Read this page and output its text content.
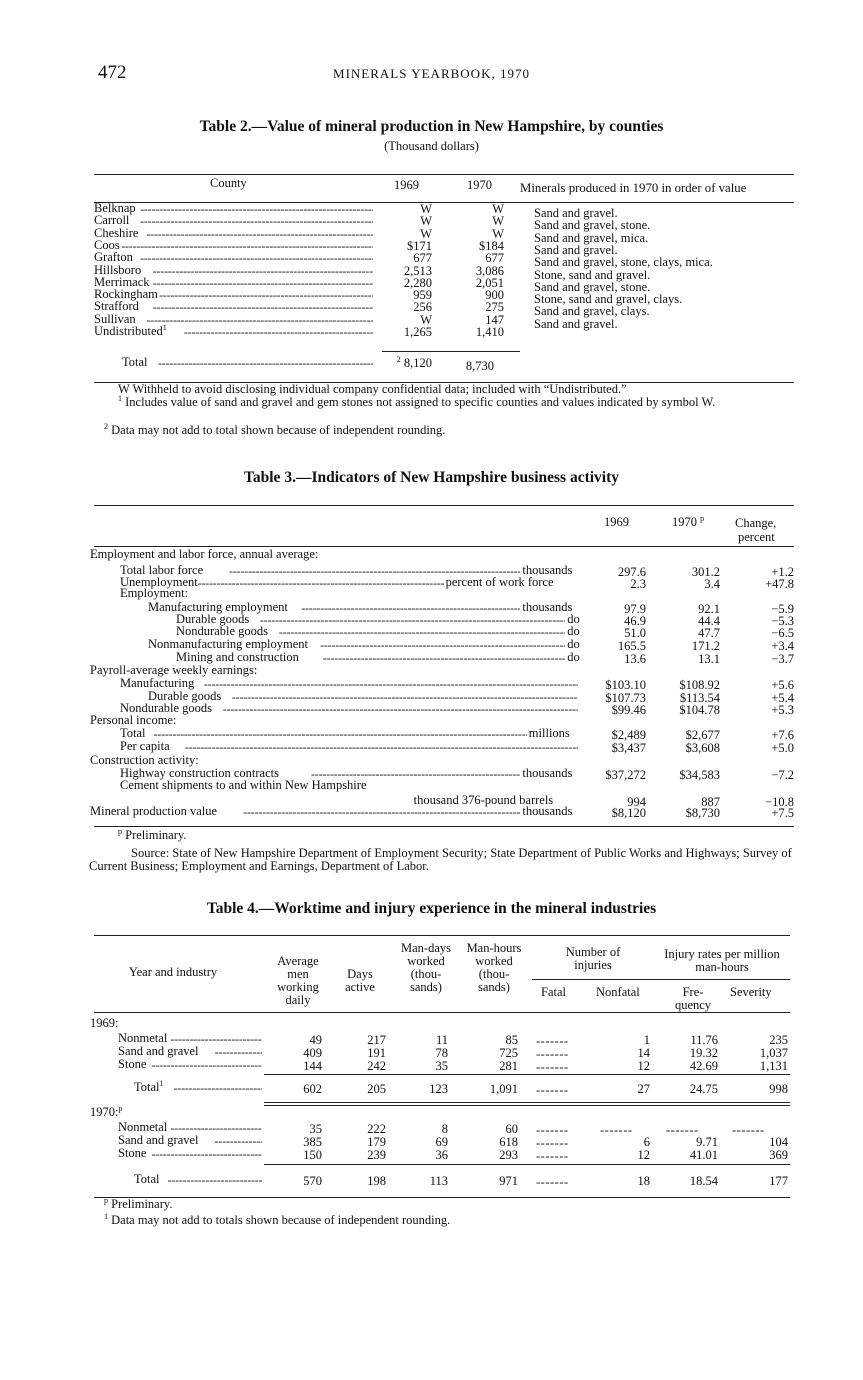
472	MINERALS YEARBOOK, 1970
Table 2.—Value of mineral production in New Hampshire, by counties
(Thousand dollars)
County	1969	1970 Minerals produced in 1970 in order of value
Belknap - - -	W	W Sand and gravel.
Carroll - - -	W	W Sand and gravel, stone.
Cheshire - - -	W	W Sand and gravel, mica.
Coos - - -	$171	$184 Sand and gravel.
Grafton - - -	677	677 Sand and gravel, stone, clays, mica.
Hillsboro - - -	2,513	3,086 Stone, sand and gravel.
Merrimack - - -	2,280	2,051 Sand and gravel, stone.
Rockingham - - -	959	900 Stone, sand and gravel, clays.
Strafford - - -	256	275 Sand and gravel, clays.
Sullivan - - -	W	147 Sand and gravel.
Undistributed$^1$ - - -	1,265	1,410
Total - - -	$^2$ 8,120	8,730
W Withheld to avoid disclosing individual company confidential data; included with “Undistributed.”
$^1$ Includes value of sand and gravel and gem stones not assigned to specific counties and values indicated by symbol W.
$^2$ Data may not add to total shown because of independent rounding.
Table 3.—Indicators of New Hampshire business activity
1969	1970 $^p$ Change,
percent
Employment and labor force, annual average:
Total labor force	thousands - - -	297.6	301.2	+1.2
Unemployment	percent of work force - - -	2.3	3.4	+47.8
Employment:
Manufacturing employment	thousands - - -	97.9	92.1	−5.9
Durable goods	do - - -	46.9	44.4	−5.3
Nondurable goods	do - - -	51.0	47.7	−6.5
Nonmanufacturing employment	do - - -	165.5	171.2	+3.4
Mining and construction	do - - -	13.6	13.1	−3.7
Payroll-average weekly earnings:
Manufacturing - - -	$103.10	$108.92	+5.6
Durable goods - - -	$107.73	$113.54	+5.4
Nondurable goods - - -	$99.46	$104.78	+5.3
Personal income:
Total	millions - - -	$2,489	$2,677	+7.6
Per capita - - -	$3,437	$3,608	+5.0
Construction activity:
Highway construction contracts	thousands - - -	$37,272	$34,583	−7.2
Cement shipments to and within New Hampshire
thousand 376-pound barrels	994	887	−10.8
Mineral production value	thousands - - -	$8,120	$8,730	+7.5
$^p$ Preliminary.
Source: State of New Hampshire Department of Employment Security; State Department of Public Works and Highways; Survey of Current Business; Employment and Earnings, Department of Labor.
Table 4.—Worktime and injury experience in the mineral industries
Year and industry
Average men working daily
Days active
Man-days worked (thou-sands)
Man-hours worked (thou-sands)
Number of injuries
Injury rates per million man-hours
Fatal Nonfatal	Fre-quency
Severity
1969:
Nonmetal - - -	49	217	11	85 -------	1	11.76	235
Sand and gravel - - -	409	191	78	725 -------	14	19.32	1,037
Stone - - -	144	242	35	281 -------	12	42.69	1,131
Total$^1$ - - -	602	205	123	1,091 -------	27	24.75	998
1970:$^p$
Nonmetal - - -	35	222	8	60 -------	-------	-------	-------
Sand and gravel - - -	385	179	69	618 -------	6	9.71	104
Stone - - -	150	239	36	293 -------	12	41.01	369
Total - - -	570	198	113	971 -------	18	18.54	177
$^p$ Preliminary.
$^1$ Data may not add to totals shown because of independent rounding.
